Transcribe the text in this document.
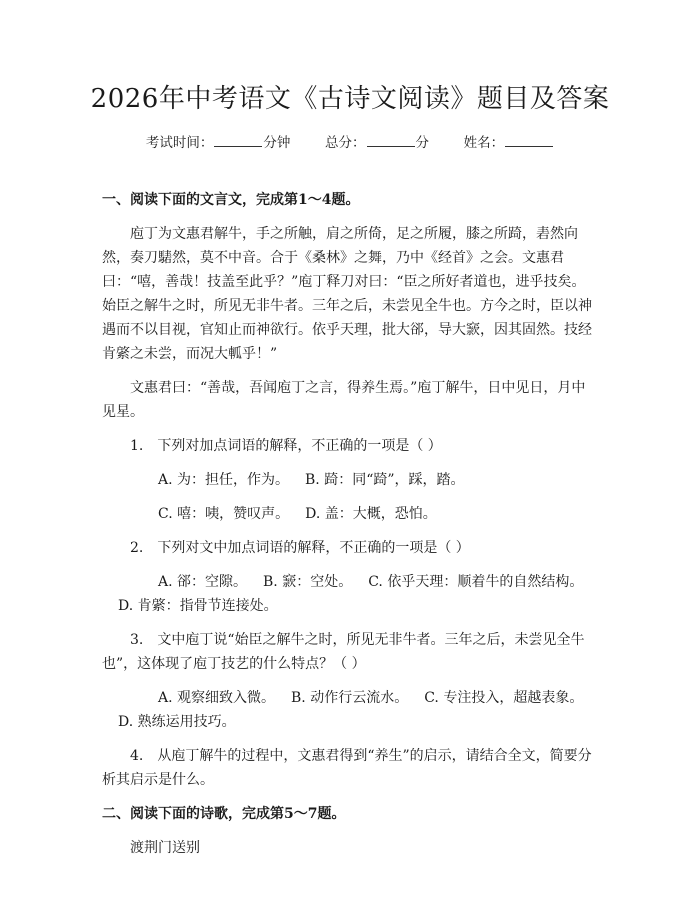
2026年中考语文《古诗文阅读》题目及答案
考试时间：	分钟	总分：	分	姓名：

一、阅读下面的文言文，完成第1～4题。

庖丁为文惠君解牛，手之所触，肩之所倚，足之所履，膝之所踦，砉然向然，奏刀騞然，莫不中音。合于《桑林》之舞，乃中《经首》之会。文惠君曰：“嘻，善哉！技盖至此乎？”庖丁释刀对曰：“臣之所好者道也，进乎技矣。始臣之解牛之时，所见无非牛者。三年之后，未尝见全牛也。方今之时，臣以神遇而不以目视，官知止而神欲行。依乎天理，批大郤，导大窾，因其固然。技经肯綮之未尝，而况大軱乎！”

文惠君曰：“善哉，吾闻庖丁之言，得养生焉。”庖丁解牛，日中见日，月中见星。

1.　下列对加点词语的解释，不正确的一项是（ ）

A. 为：担任，作为。 B. 踦：同“踦”，踩，踏。

C. 嘻：咦，赞叹声。 D. 盖：大概，恐怕。

2.　下列对文中加点词语的解释，不正确的一项是（ ）

A. 郤：空隙。 B. 窾：空处。 C. 依乎天理：顺着牛的自然结构。D. 肯綮：指骨节连接处。

3.　文中庖丁说“始臣之解牛之时，所见无非牛者。三年之后，未尝见全牛也”，这体现了庖丁技艺的什么特点？（ ）

A. 观察细致入微。 B. 动作行云流水。 C. 专注投入，超越表象。D. 熟练运用技巧。

4.　从庖丁解牛的过程中，文惠君得到“养生”的启示，请结合全文，简要分析其启示是什么。

二、阅读下面的诗歌，完成第5～7题。

渡荆门送别
